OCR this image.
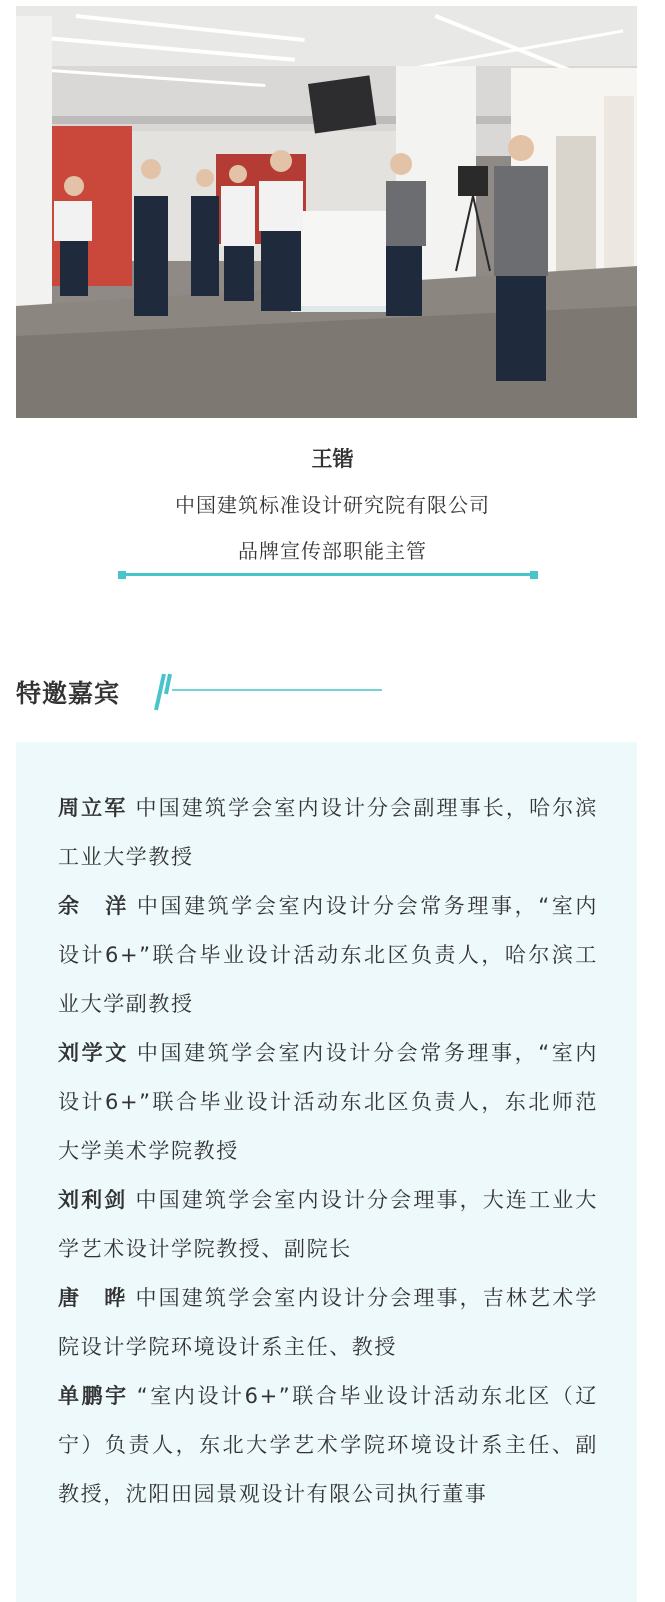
王锴
中国建筑标准设计研究院有限公司
品牌宣传部职能主管
特邀嘉宾
周立军 中国建筑学会室内设计分会副理事长，哈尔滨工业大学教授
余　洋 中国建筑学会室内设计分会常务理事，“室内设计6+”联合毕业设计活动东北区负责人，哈尔滨工业大学副教授
刘学文 中国建筑学会室内设计分会常务理事，“室内设计6+”联合毕业设计活动东北区负责人，东北师范大学美术学院教授
刘利剑 中国建筑学会室内设计分会理事，大连工业大学艺术设计学院教授、副院长
唐　晔 中国建筑学会室内设计分会理事，吉林艺术学院设计学院环境设计系主任、教授
单鹏宇 “室内设计6+”联合毕业设计活动东北区（辽宁）负责人，东北大学艺术学院环境设计系主任、副教授，沈阳田园景观设计有限公司执行董事
